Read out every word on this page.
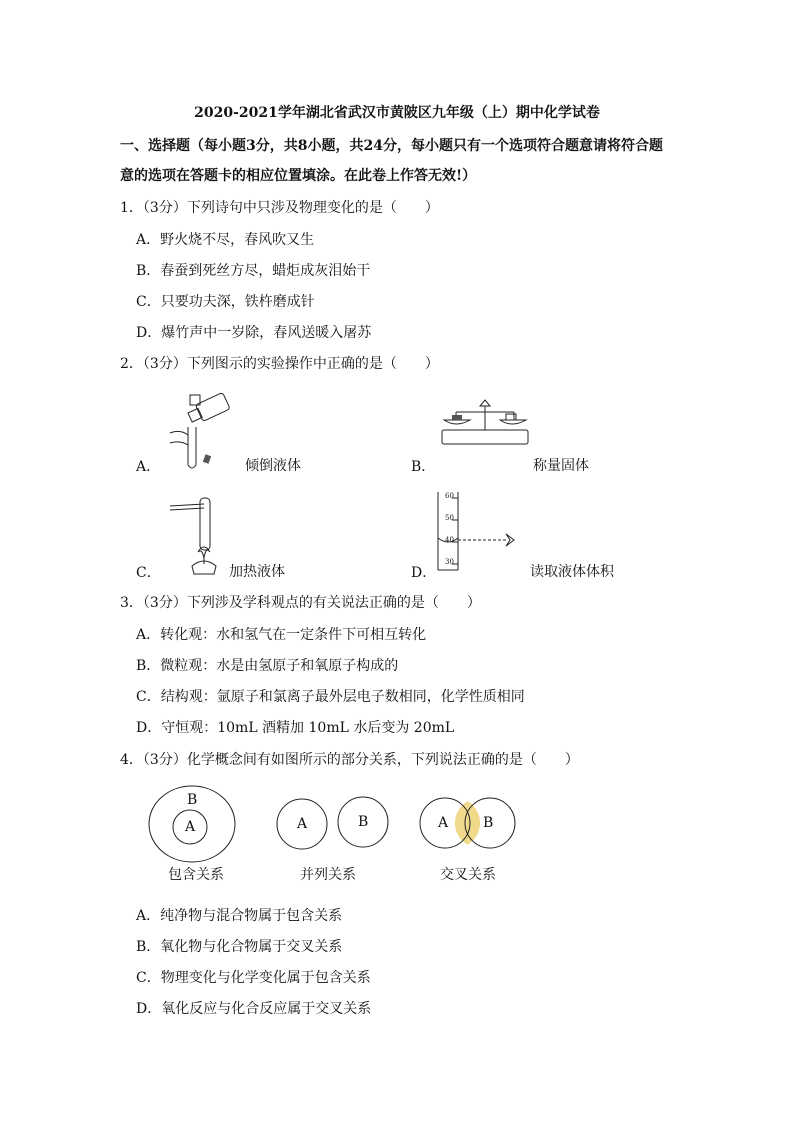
2020-2021学年湖北省武汉市黄陂区九年级（上）期中化学试卷
一、选择题（每小题3分，共8小题，共24分，每小题只有一个选项符合题意请将符合题
意的选项在答题卡的相应位置填涂。在此卷上作答无效!）
1．（3分）下列诗句中只涉及物理变化的是（　　）
A．野火烧不尽，春风吹又生
B．春蚕到死丝方尽，蜡炬成灰泪始干
C．只要功夫深，铁杵磨成针
D．爆竹声中一岁除，春风送暖入屠苏
2．（3分）下列图示的实验操作中正确的是（　　）
A．	倾倒液体	B．	称量固体
C．	加热液体	D．	读取液体体积
60
50
40
30
3．（3分）下列涉及学科观点的有关说法正确的是（　　）
A．转化观：水和氢气在一定条件下可相互转化
B．微粒观：水是由氢原子和氧原子构成的
C．结构观：氩原子和氯离子最外层电子数相同，化学性质相同
D．守恒观：10mL 酒精加 10mL 水后变为 20mL
4．（3分）化学概念间有如图所示的部分关系，下列说法正确的是（　　）
B
A	A	B	A B
包含关系	并列关系	交叉关系
A．纯净物与混合物属于包含关系
B．氧化物与化合物属于交叉关系
C．物理变化与化学变化属于包含关系
D．氧化反应与化合反应属于交叉关系
